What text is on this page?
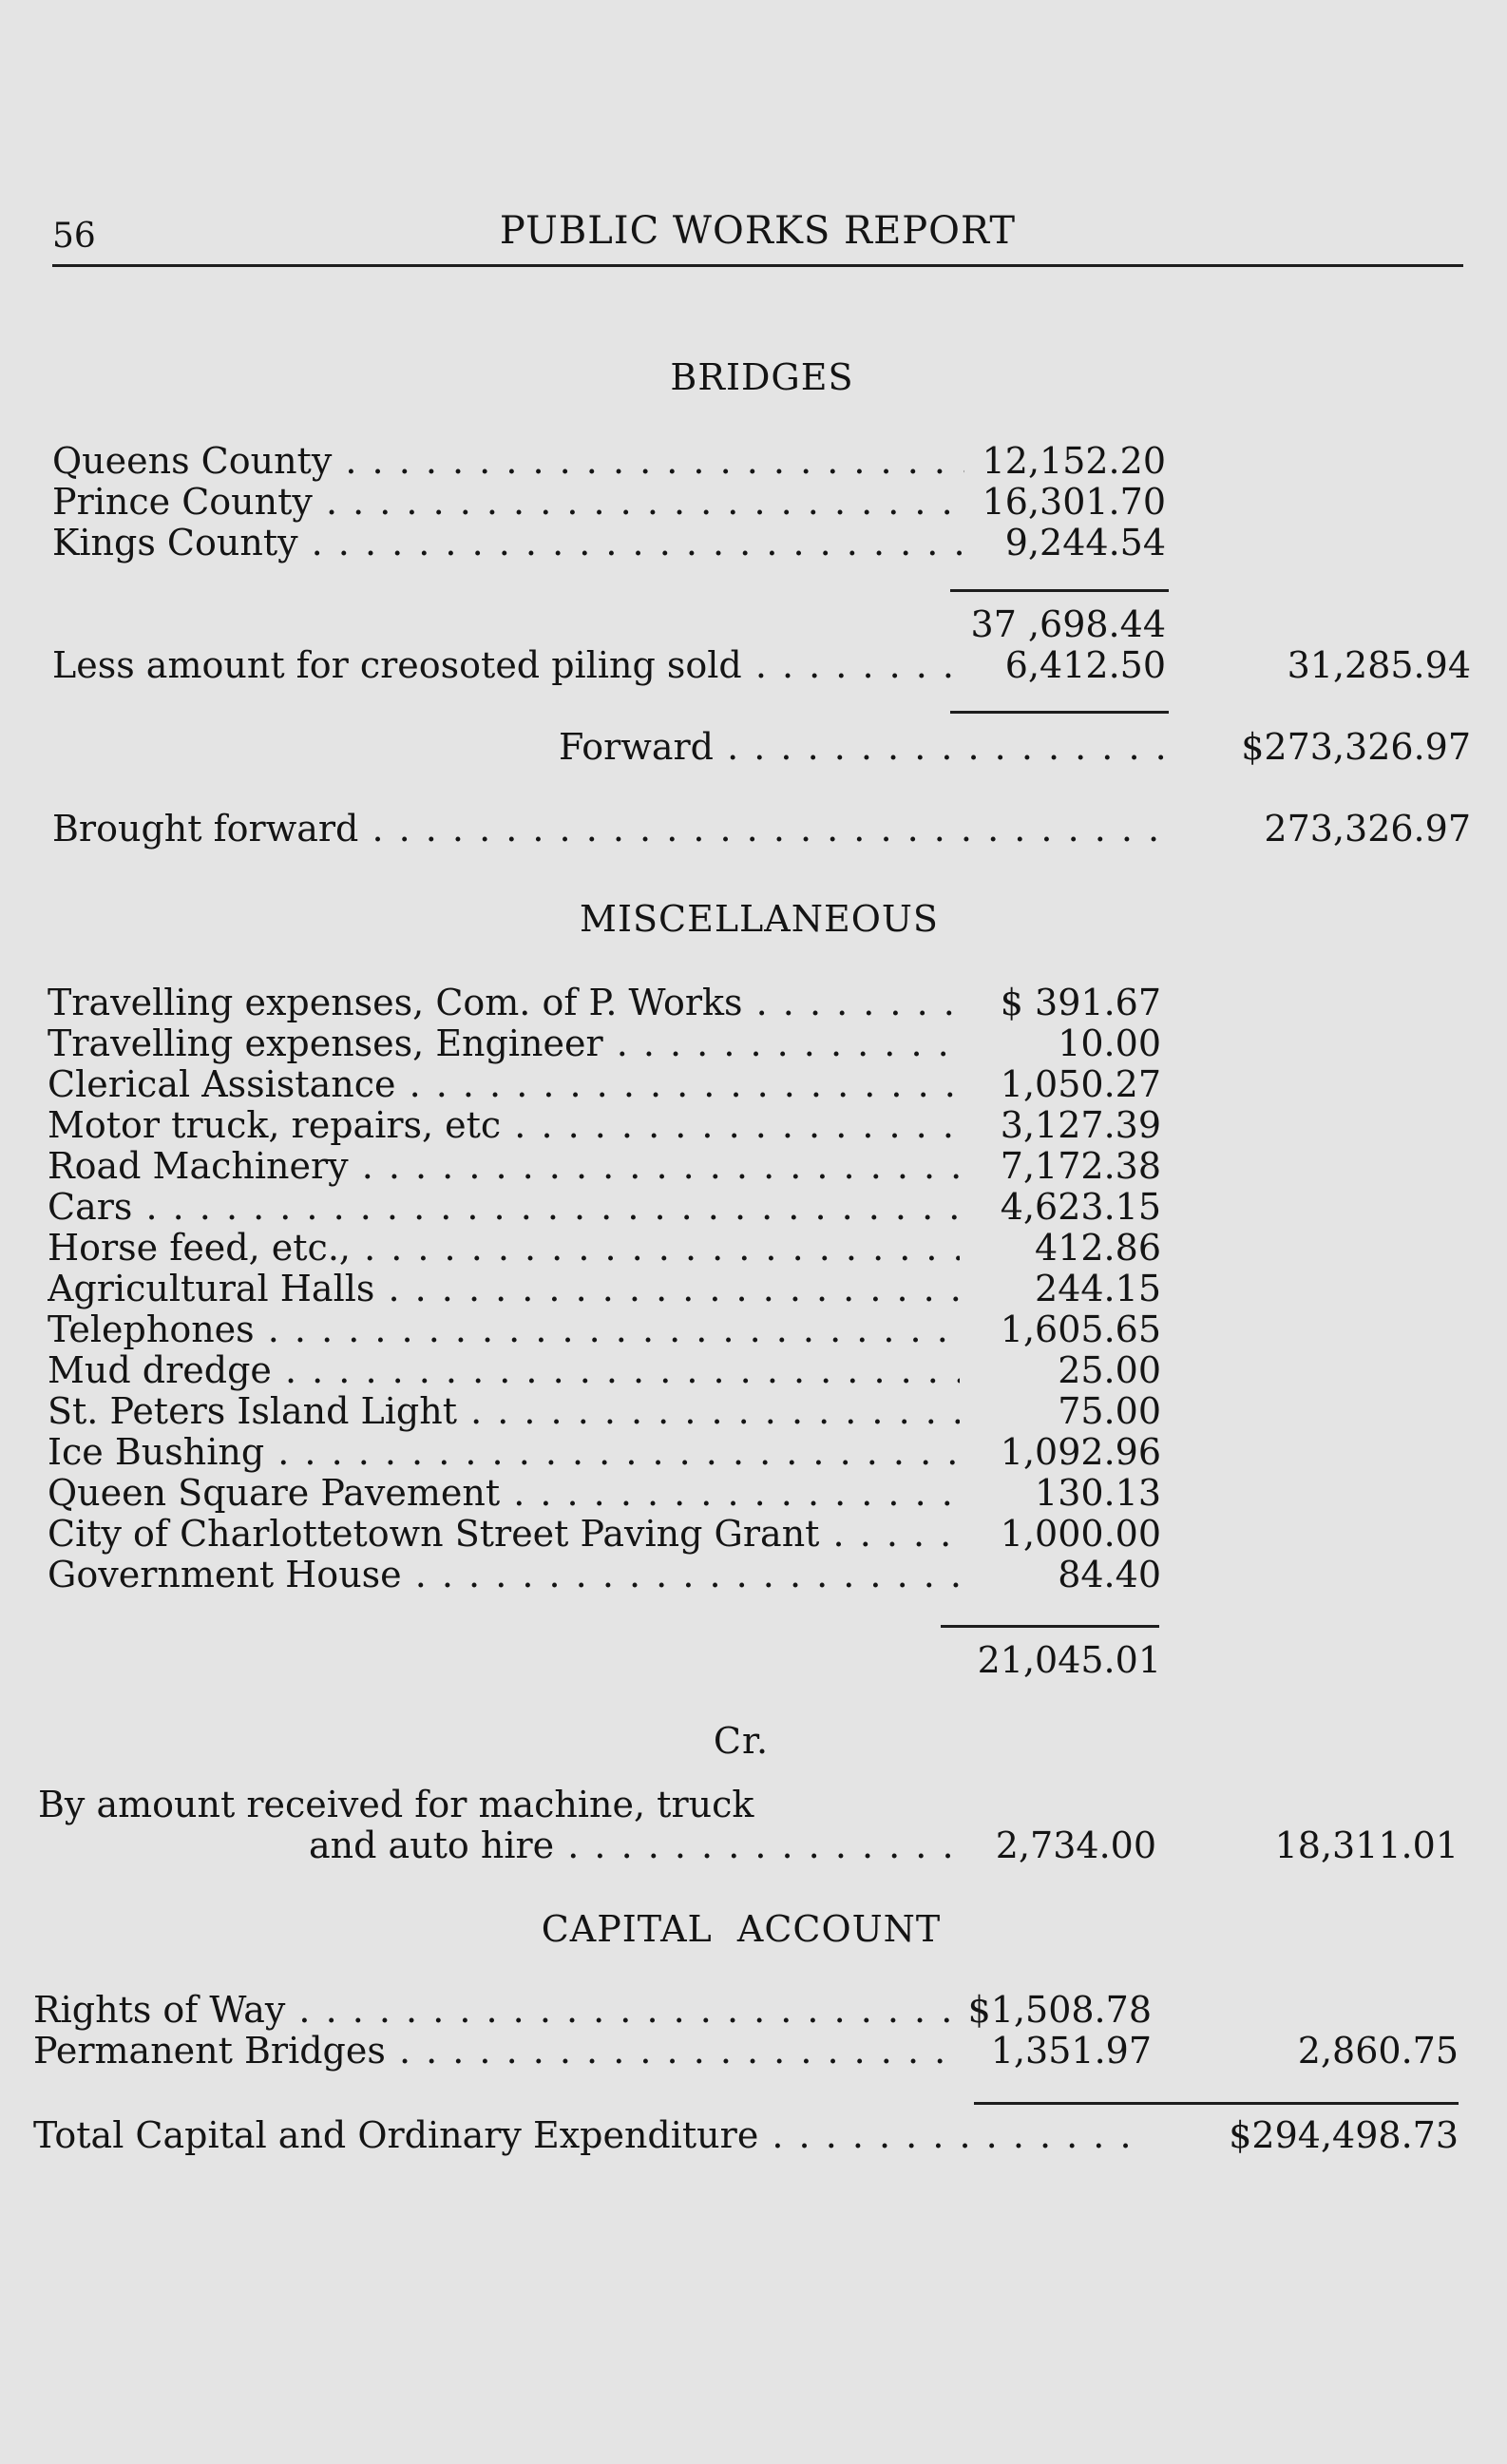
56	PUBLIC WORKS REPORT
BRIDGES
Queens County . . .	12,152.20
Prince County . . .	16,301.70
Kings County . . .	9,244.54
37 ,698.44
Less amount for creosoted piling sold . . .	6,412.50	31,285.94
Forward . . .	$273,326.97
Brought forward . . .	273,326.97
MISCELLANEOUS
Travelling expenses, Com. of P. Works . . .	$ 391.67
Travelling expenses, Engineer . . .	10.00
Clerical Assistance . . .	1,050.27
Motor truck, repairs, etc . . .	3,127.39
Road Machinery . . .	7,172.38
Cars . . .	4,623.15
Horse feed, etc., . . .	412.86
Agricultural Halls . . .	244.15
Telephones . . .	1,605.65
Mud dredge . . .	25.00
St. Peters Island Light . . .	75.00
Ice Bushing . . .	1,092.96
Queen Square Pavement . . .	130.13
City of Charlottetown Street Paving Grant . . .	1,000.00
Government House . . .	84.40
21,045.01
Cr.
By amount received for machine, truck
and auto hire . . .	2,734.00	18,311.01
CAPITAL  ACCOUNT
Rights of Way . . .	$1,508.78
Permanent Bridges . . .	1,351.97	2,860.75
Total Capital and Ordinary Expenditure . . .	$294,498.73
